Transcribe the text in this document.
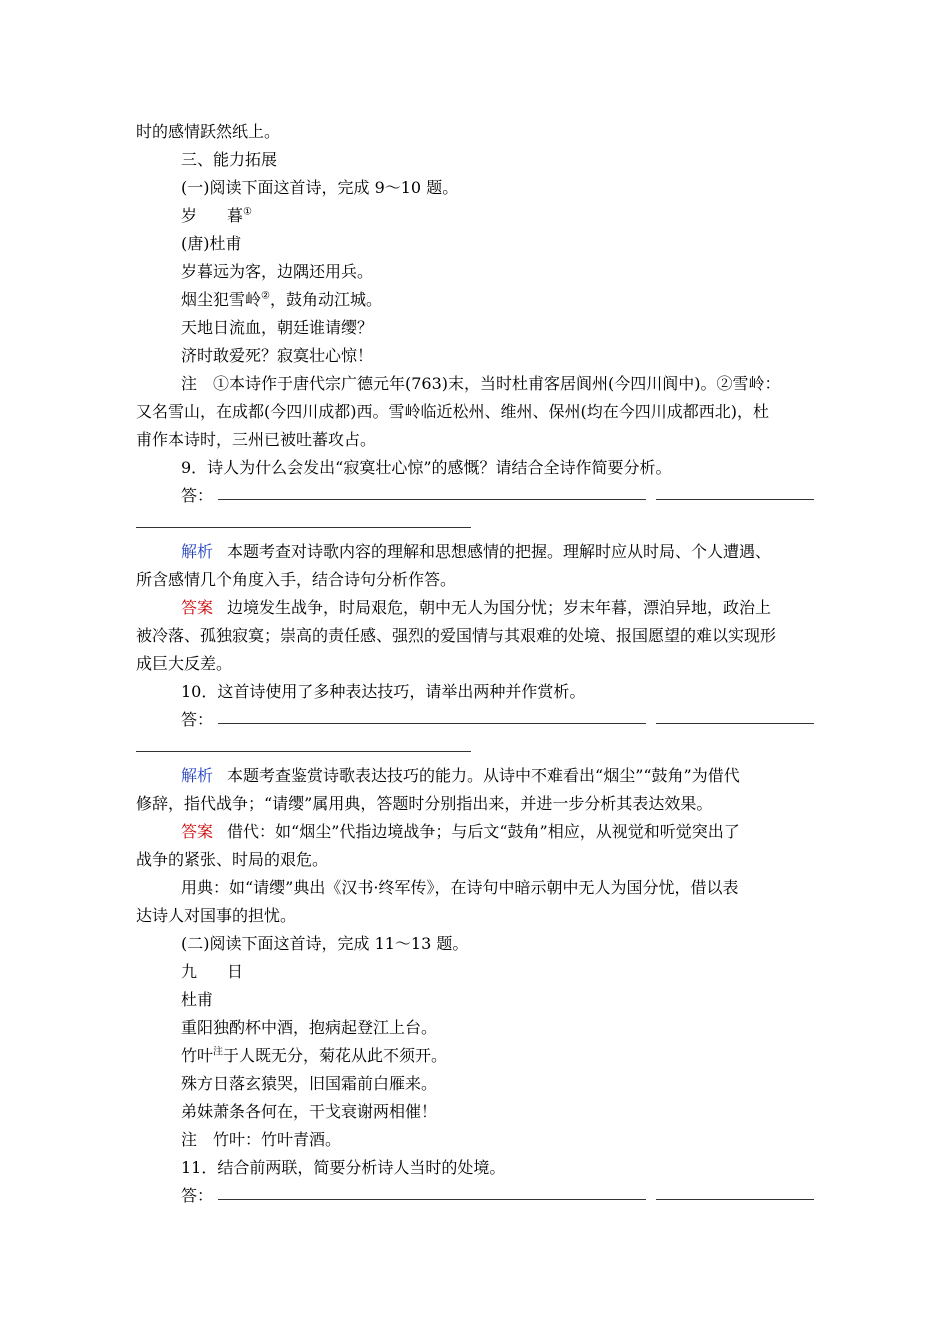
时的感情跃然纸上。
三、能力拓展
(一)阅读下面这首诗，完成 9～10 题。
岁 暮①
(唐)杜甫
岁暮远为客，边隅还用兵。
烟尘犯雪岭②，鼓角动江城。
天地日流血，朝廷谁请缨？
济时敢爱死？寂寞壮心惊！
注　①本诗作于唐代宗广德元年(763)末，当时杜甫客居阆州(今四川阆中)。②雪岭：
又名雪山，在成都(今四川成都)西。雪岭临近松州、维州、保州(均在今四川成都西北)，杜
甫作本诗时，三州已被吐蕃攻占。
9．诗人为什么会发出“寂寞壮心惊”的感慨？请结合全诗作简要分析。
答：
解析 本题考查对诗歌内容的理解和思想感情的把握。理解时应从时局、个人遭遇、
所含感情几个角度入手，结合诗句分析作答。
答案 边境发生战争，时局艰危，朝中无人为国分忧；岁末年暮，漂泊异地，政治上
被冷落、孤独寂寞；崇高的责任感、强烈的爱国情与其艰难的处境、报国愿望的难以实现形
成巨大反差。
10．这首诗使用了多种表达技巧，请举出两种并作赏析。
答：
解析 本题考查鉴赏诗歌表达技巧的能力。从诗中不难看出“烟尘”“鼓角”为借代
修辞，指代战争；“请缨”属用典，答题时分别指出来，并进一步分析其表达效果。
答案 借代：如“烟尘”代指边境战争；与后文“鼓角”相应，从视觉和听觉突出了
战争的紧张、时局的艰危。
用典：如“请缨”典出《汉书·终军传》，在诗句中暗示朝中无人为国分忧，借以表
达诗人对国事的担忧。
(二)阅读下面这首诗，完成 11～13 题。
九 日
杜甫
重阳独酌杯中酒，抱病起登江上台。
竹叶$^注$于人既无分，菊花从此不须开。
殊方日落玄猿哭，旧国霜前白雁来。
弟妹萧条各何在，干戈衰谢两相催！
注　竹叶：竹叶青酒。
11．结合前两联，简要分析诗人当时的处境。
答：
